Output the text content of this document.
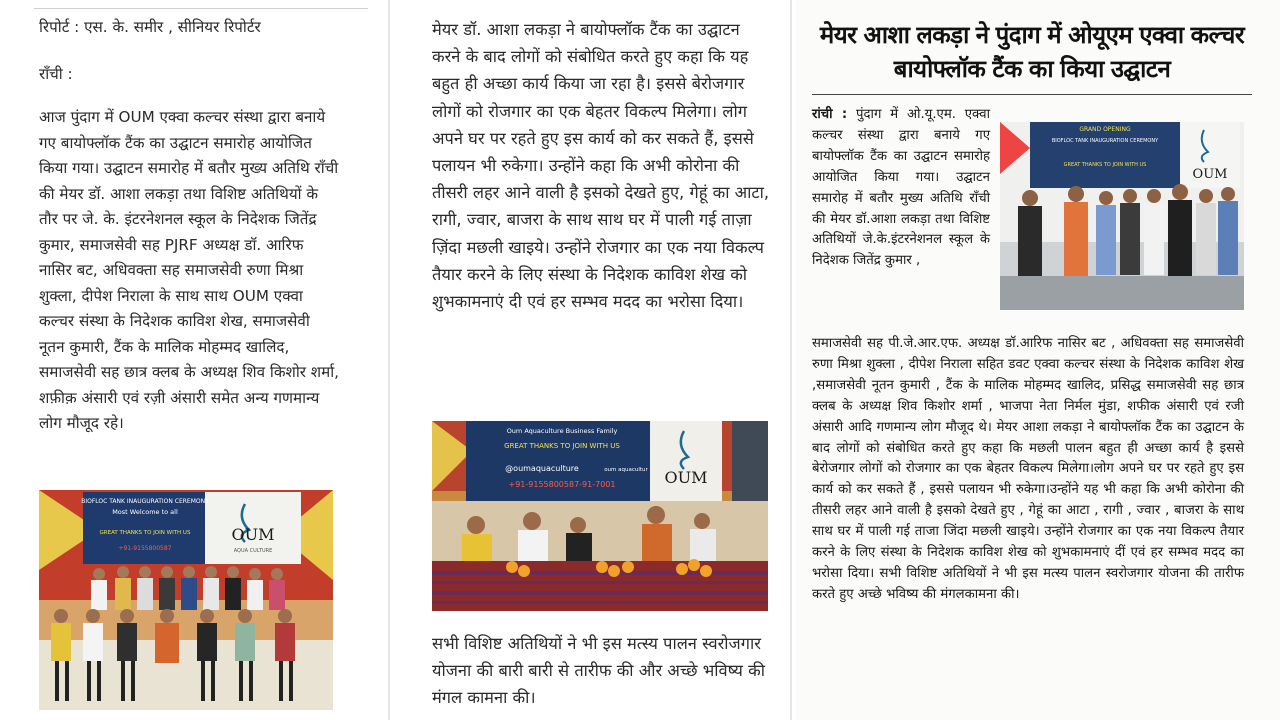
रिपोर्ट : एस. के. समीर , सीनियर रिपोर्टर

राँची :

आज पुंदाग में OUM एक्वा कल्चर संस्था द्वारा बनाये गए बायोफ्लॉक टैंक का उद्घाटन समारोह आयोजित किया गया। उद्घाटन समारोह में बतौर मुख्य अतिथि राँची की मेयर डॉ. आशा लकड़ा तथा विशिष्ट अतिथियों के तौर पर जे. के. इंटरनेशनल स्कूल के निदेशक जितेंद्र कुमार, समाजसेवी सह PJRF अध्यक्ष डॉ. आरिफ नासिर बट, अधिवक्ता सह समाजसेवी रुणा मिश्रा शुक्ला, दीपेश निराला के साथ साथ OUM एक्वा कल्चर संस्था के निदेशक काविश शेख, समाजसेवी नूतन कुमारी, टैंक के मालिक मोहम्मद खालिद, समाजसेवी सह छात्र क्लब के अध्यक्ष शिव किशोर शर्मा, शफ़ीक़ अंसारी एवं रज़ी अंसारी समेत अन्य गणमान्य लोग मौजूद रहे।

BIOFLOC TANK INAUGURATION CEREMONY
Most Welcome to all
GREAT THANKS TO JOIN WITH US
+91-9155800587
OUM
AQUA CULTURE

मेयर डॉ. आशा लकड़ा ने बायोफ्लॉक टैंक का उद्घाटन करने के बाद लोगों को संबोधित करते हुए कहा कि यह बहुत ही अच्छा कार्य किया जा रहा है। इससे बेरोजगार लोगों को रोजगार का एक बेहतर विकल्प मिलेगा। लोग अपने घर पर रहते हुए इस कार्य को कर सकते हैं, इससे पलायन भी रुकेगा। उन्होंने कहा कि अभी कोरोना की तीसरी लहर आने वाली है इसको देखते हुए, गेहूं का आटा, रागी, ज्वार, बाजरा के साथ साथ घर में पाली गई ताज़ा ज़िंदा मछली खाइये। उन्होंने रोजगार का एक नया विकल्प तैयार करने के लिए संस्था के निदेशक काविश शेख को शुभकामनाएं दी एवं हर सम्भव मदद का भरोसा दिया।

Oum Aquaculture Business Family
GREAT THANKS TO JOIN WITH US
@oumaquaculture	oum aquacultur
+91-9155800587-91-7001	OUM

सभी विशिष्ट अतिथियों ने भी इस मत्स्य पालन स्वरोजगार योजना की बारी बारी से तारीफ की और अच्छे भविष्य की मंगल कामना की।

मेयर आशा लकड़ा ने पुंदाग में ओयूएम एक्वा कल्चर बायोफ्लॉक टैंक का किया उद्घाटन

रांची : पुंदाग में ओ.यू.एम. एक्वा कल्चर संस्था द्वारा बनाये गए बायोफ्लॉक टैंक का उद्घाटन समारोह आयोजित किया गया। उद्घाटन समारोह में बतौर मुख्य अतिथि राँची की मेयर डॉ.आशा लकड़ा तथा विशिष्ट अतिथियों जे.के.इंटरनेशनल स्कूल के निदेशक जितेंद्र कुमार ,

GRAND OPENING
BIOFLOC TANK INAUGURATION CEREMONY
GREAT THANKS TO JOIN WITH US
OUM

समाजसेवी सह पी.जे.आर.एफ. अध्यक्ष डॉ.आरिफ नासिर बट , अधिवक्ता सह समाजसेवी रुणा मिश्रा शुक्ला , दीपेश निराला सहित डवट एक्वा कल्चर संस्था के निदेशक काविश शेख ,समाजसेवी नूतन कुमारी , टैंक के मालिक मोहम्मद खालिद, प्रसिद्ध समाजसेवी सह छात्र क्लब के अध्यक्ष शिव किशोर शर्मा , भाजपा नेता निर्मल मुंडा, शफीक अंसारी एवं रजी अंसारी आदि गणमान्य लोग मौजूद थे। मेयर आशा लकड़ा ने बायोफ्लॉक टैंक का उद्घाटन के बाद लोगों को संबोधित करते हुए कहा कि मछली पालन बहुत ही अच्छा कार्य है इससे बेरोजगार लोगों को रोजगार का एक बेहतर विकल्प मिलेगा।लोग अपने घर पर रहते हुए इस कार्य को कर सकते हैं , इससे पलायन भी रुकेगा।उन्होंने यह भी कहा कि अभी कोरोना की तीसरी लहर आने वाली है इसको देखते हुए , गेहूं का आटा , रागी , ज्वार , बाजरा के साथ साथ घर में पाली गई ताजा जिंदा मछली खाइये। उन्होंने रोजगार का एक नया विकल्प तैयार करने के लिए संस्था के निदेशक काविश शेख को शुभकामनाएं दीं एवं हर सम्भव मदद का भरोसा दिया। सभी विशिष्ट अतिथियों ने भी इस मत्स्य पालन स्वरोजगार योजना की तारीफ करते हुए अच्छे भविष्य की मंगलकामना की।
